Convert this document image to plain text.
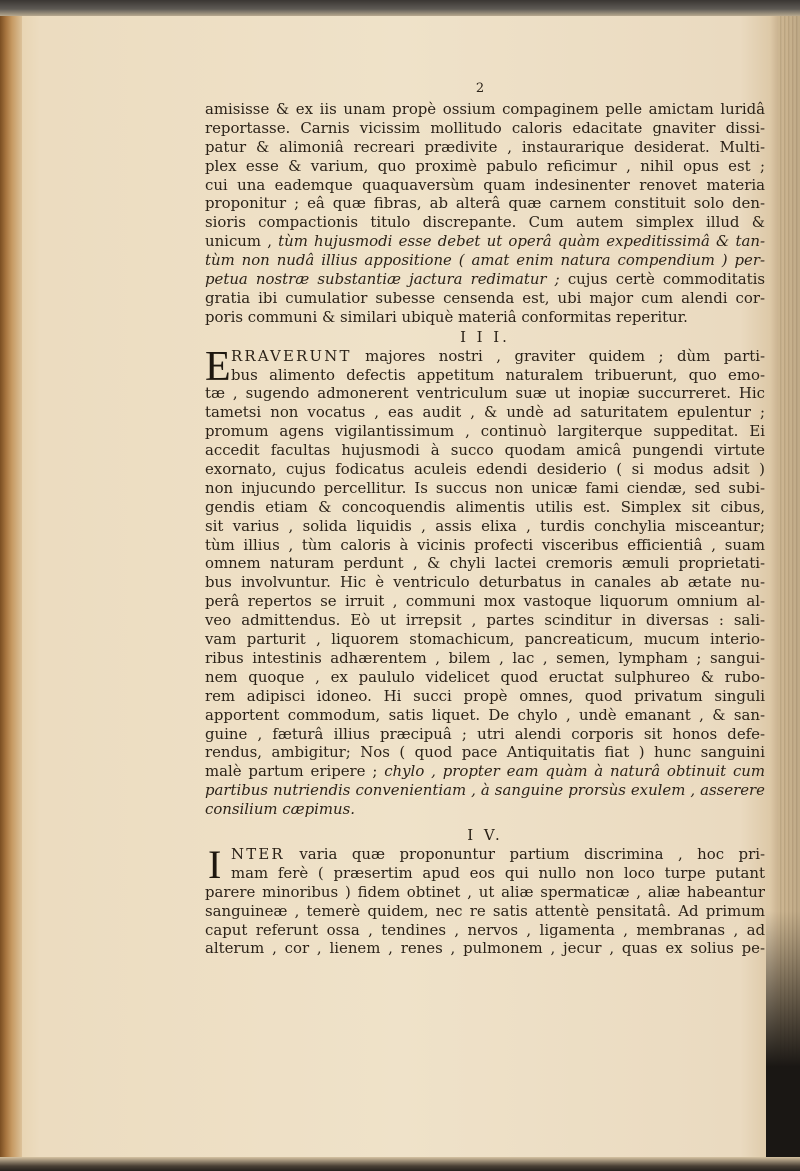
2
amisisse & ex iis unam propè ossium compaginem pelle amictam luridâ
reportasse. Carnis vicissim mollitudo caloris edacitate gnaviter dissi-
patur & alimoniâ recreari prædivite , instaurarique desiderat. Multi-
plex esse & varium, quo proximè pabulo reficimur , nihil opus est ;
cui una eademque quaquaversùm quam indesinenter renovet materia
proponitur ; eâ quæ fibras, ab alterâ quæ carnem constituit solo den-
sioris compactionis titulo discrepante. Cum autem simplex illud &
unicum , tùm hujusmodi esse debet ut operâ quàm expeditissimâ & tan-
tùm non nudâ illius appositione ( amat enim natura compendium ) per-
petua nostræ substantiæ jactura redimatur ; cujus certè commoditatis
gratia ibi cumulatior subesse censenda est, ubi major cum alendi cor-
poris communi & similari ubiquè materiâ conformitas reperitur.
I I I.
E RRAVERUNT majores nostri , graviter quidem ; dùm parti-
bus alimento defectis appetitum naturalem tribuerunt, quo emo-
tæ , sugendo admonerent ventriculum suæ ut inopiæ succurreret. Hic
tametsi non vocatus , eas audit , & undè ad saturitatem epulentur ;
promum agens vigilantissimum , continuò largiterque suppeditat. Ei
accedit facultas hujusmodi à succo quodam amicâ pungendi virtute
exornato, cujus fodicatus aculeis edendi desiderio ( si modus adsit )
non injucundo percellitur. Is succus non unicæ fami ciendæ, sed subi-
gendis etiam & concoquendis alimentis utilis est. Simplex sit cibus,
sit varius , solida liquidis , assis elixa , turdis conchylia misceantur;
tùm illius , tùm caloris à vicinis profecti visceribus efficientiâ , suam
omnem naturam perdunt , & chyli lactei cremoris æmuli proprietati-
bus involvuntur. Hic è ventriculo deturbatus in canales ab ætate nu-
perâ repertos se irruit , communi mox vastoque liquorum omnium al-
veo admittendus. Eò ut irrepsit , partes scinditur in diversas : sali-
vam parturit , liquorem stomachicum, pancreaticum, mucum interio-
ribus intestinis adhærentem , bilem , lac , semen, lympham ; sangui-
nem quoque , ex paululo videlicet quod eructat sulphureo & rubo-
rem adipisci idoneo. Hi succi propè omnes, quod privatum singuli
apportent commodum, satis liquet. De chylo , undè emanant , & san-
guine , fæturâ illius præcipuâ ; utri alendi corporis sit honos defe-
rendus, ambigitur; Nos ( quod pace Antiquitatis fiat ) hunc sanguini
malè partum eripere ; chylo , propter eam quàm à naturâ obtinuit cum
partibus nutriendis convenientiam , à sanguine prorsùs exulem , asserere
consilium cæpimus.
I V.
I NTER varia quæ proponuntur partium discrimina , hoc pri-
mam ferè ( præsertim apud eos qui nullo non loco turpe putant
parere minoribus ) fidem obtinet , ut aliæ spermaticæ , aliæ habeantur
sanguineæ , temerè quidem, nec re satis attentè pensitatâ. Ad primum
caput referunt ossa , tendines , nervos , ligamenta , membranas , ad
alterum , cor , lienem , renes , pulmonem , jecur , quas ex solius pe-
